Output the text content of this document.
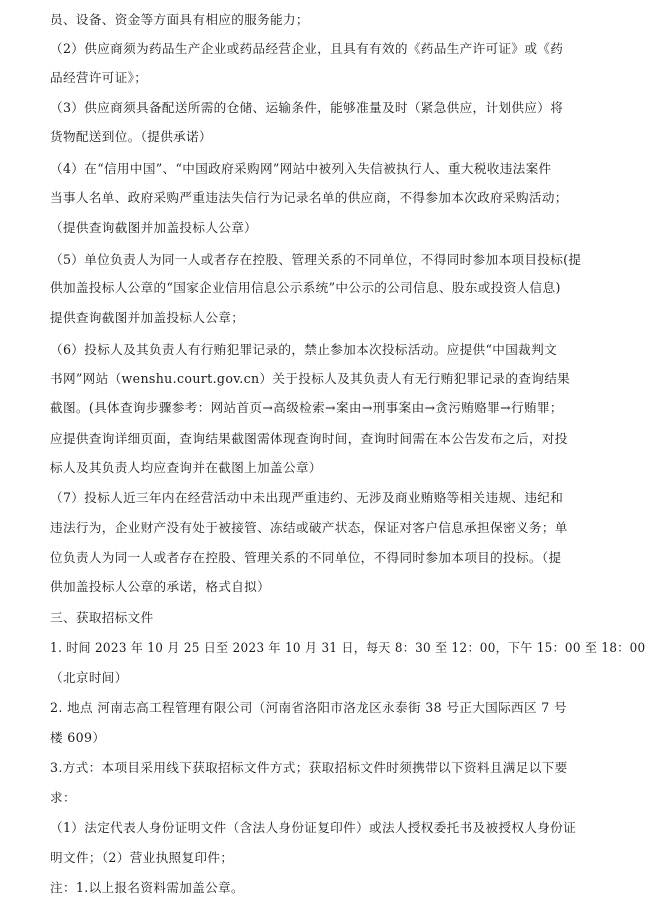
员、设备、资金等方面具有相应的服务能力；
（2）供应商须为药品生产企业或药品经营企业，且具有有效的《药品生产许可证》或《药
品经营许可证》；
（3）供应商须具备配送所需的仓储、运输条件，能够准量及时（紧急供应，计划供应）将
货物配送到位。（提供承诺）
（4）在“信用中国”、“中国政府采购网”网站中被列入失信被执行人、重大税收违法案件
当事人名单、政府采购严重违法失信行为记录名单的供应商，不得参加本次政府采购活动；
（提供查询截图并加盖投标人公章）
（5）单位负责人为同一人或者存在控股、管理关系的不同单位，不得同时参加本项目投标(提
供加盖投标人公章的“国家企业信用信息公示系统”中公示的公司信息、股东或投资人信息)
提供查询截图并加盖投标人公章；
（6）投标人及其负责人有行贿犯罪记录的，禁止参加本次投标活动。应提供“中国裁判文
书网”网站（wenshu.court.gov.cn）关于投标人及其负责人有无行贿犯罪记录的查询结果
截图。(具体查询步骤参考：网站首页→高级检索→案由→刑事案由→贪污贿赂罪→行贿罪；
应提供查询详细页面，查询结果截图需体现查询时间，查询时间需在本公告发布之后，对投
标人及其负责人均应查询并在截图上加盖公章）
（7）投标人近三年内在经营活动中未出现严重违约、无涉及商业贿赂等相关违规、违纪和
违法行为，企业财产没有处于被接管、冻结或破产状态，保证对客户信息承担保密义务；单
位负责人为同一人或者存在控股、管理关系的不同单位，不得同时参加本项目的投标。（提
供加盖投标人公章的承诺，格式自拟）
三、获取招标文件
1. 时间 2023 年 10 月 25 日至 2023 年 10 月 31 日，每天 8：30 至 12：00，下午 15：00 至 18：00
（北京时间）
2. 地点 河南志高工程管理有限公司（河南省洛阳市洛龙区永泰街 38 号正大国际西区 7 号
楼 609）
3.方式：本项目采用线下获取招标文件方式；获取招标文件时须携带以下资料且满足以下要
求：
（1）法定代表人身份证明文件（含法人身份证复印件）或法人授权委托书及被授权人身份证
明文件；（2）营业执照复印件；
注：1.以上报名资料需加盖公章。
